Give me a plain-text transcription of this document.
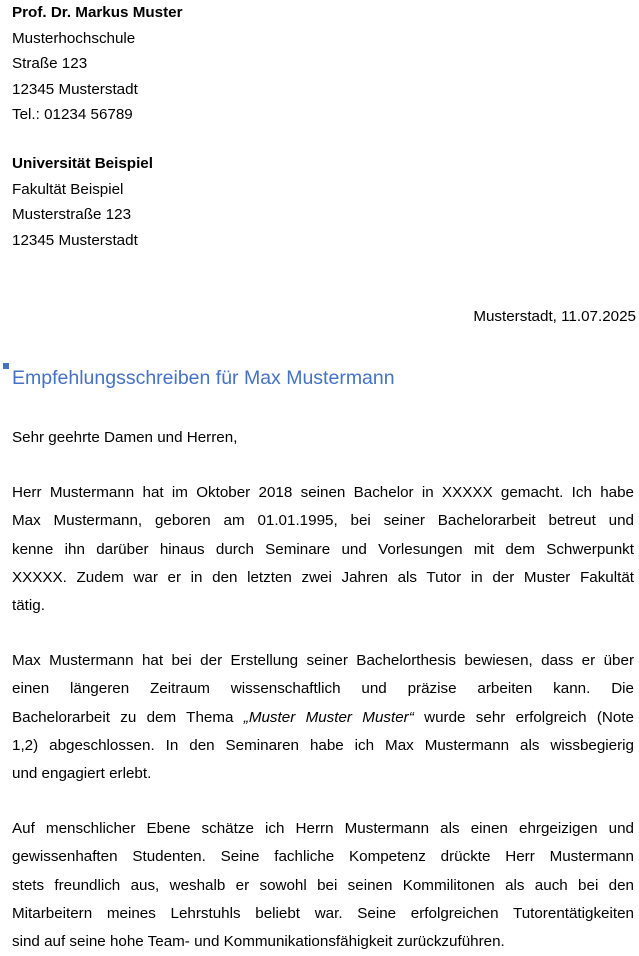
Prof. Dr. Markus Muster
Musterhochschule
Straße 123
12345 Musterstadt
Tel.: 01234 56789
Universität Beispiel
Fakultät Beispiel
Musterstraße 123
12345 Musterstadt
Musterstadt, 11.07.2025
Empfehlungsschreiben für Max Mustermann
Sehr geehrte Damen und Herren,
Herr Mustermann hat im Oktober 2018 seinen Bachelor in XXXXX gemacht. Ich habe
Max Mustermann, geboren am 01.01.1995, bei seiner Bachelorarbeit betreut und
kenne ihn darüber hinaus durch Seminare und Vorlesungen mit dem Schwerpunkt
XXXXX. Zudem war er in den letzten zwei Jahren als Tutor in der Muster Fakultät
tätig.
Max Mustermann hat bei der Erstellung seiner Bachelorthesis bewiesen, dass er über
einen längeren Zeitraum wissenschaftlich und präzise arbeiten kann. Die
Bachelorarbeit zu dem Thema „Muster Muster Muster“ wurde sehr erfolgreich (Note
1,2) abgeschlossen. In den Seminaren habe ich Max Mustermann als wissbegierig
und engagiert erlebt.
Auf menschlicher Ebene schätze ich Herrn Mustermann als einen ehrgeizigen und
gewissenhaften Studenten. Seine fachliche Kompetenz drückte Herr Mustermann
stets freundlich aus, weshalb er sowohl bei seinen Kommilitonen als auch bei den
Mitarbeitern meines Lehrstuhls beliebt war. Seine erfolgreichen Tutorentätigkeiten
sind auf seine hohe Team- und Kommunikationsfähigkeit zurückzuführen.
